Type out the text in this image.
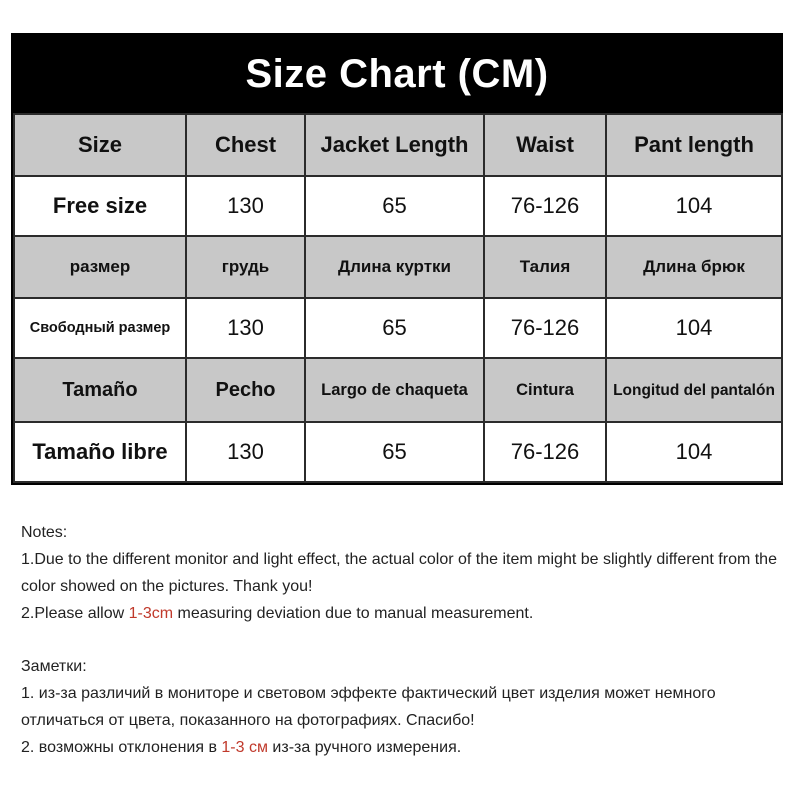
Size Chart (CM)
Size	Chest	Jacket Length	Waist	Pant length
Free size	130	65	76-126	104
размер	грудь	Длина куртки	Талия	Длина брюк
Свободный размер	130	65	76-126	104
Tamaño	Pecho	Largo de chaqueta	Cintura	Longitud del pantalón
Tamaño libre	130	65	76-126	104

Notes:

1.Due to the different monitor and light effect, the actual color of the item might be slightly different from the color showed on the pictures. Thank you!

2.Please allow 1-3cm measuring deviation due to manual measurement.

Заметки:

1. из-за различий в мониторе и световом эффекте фактический цвет изделия может немного отличаться от цвета, показанного на фотографиях. Спасибо!

2. возможны отклонения в 1-3 см из-за ручного измерения.
